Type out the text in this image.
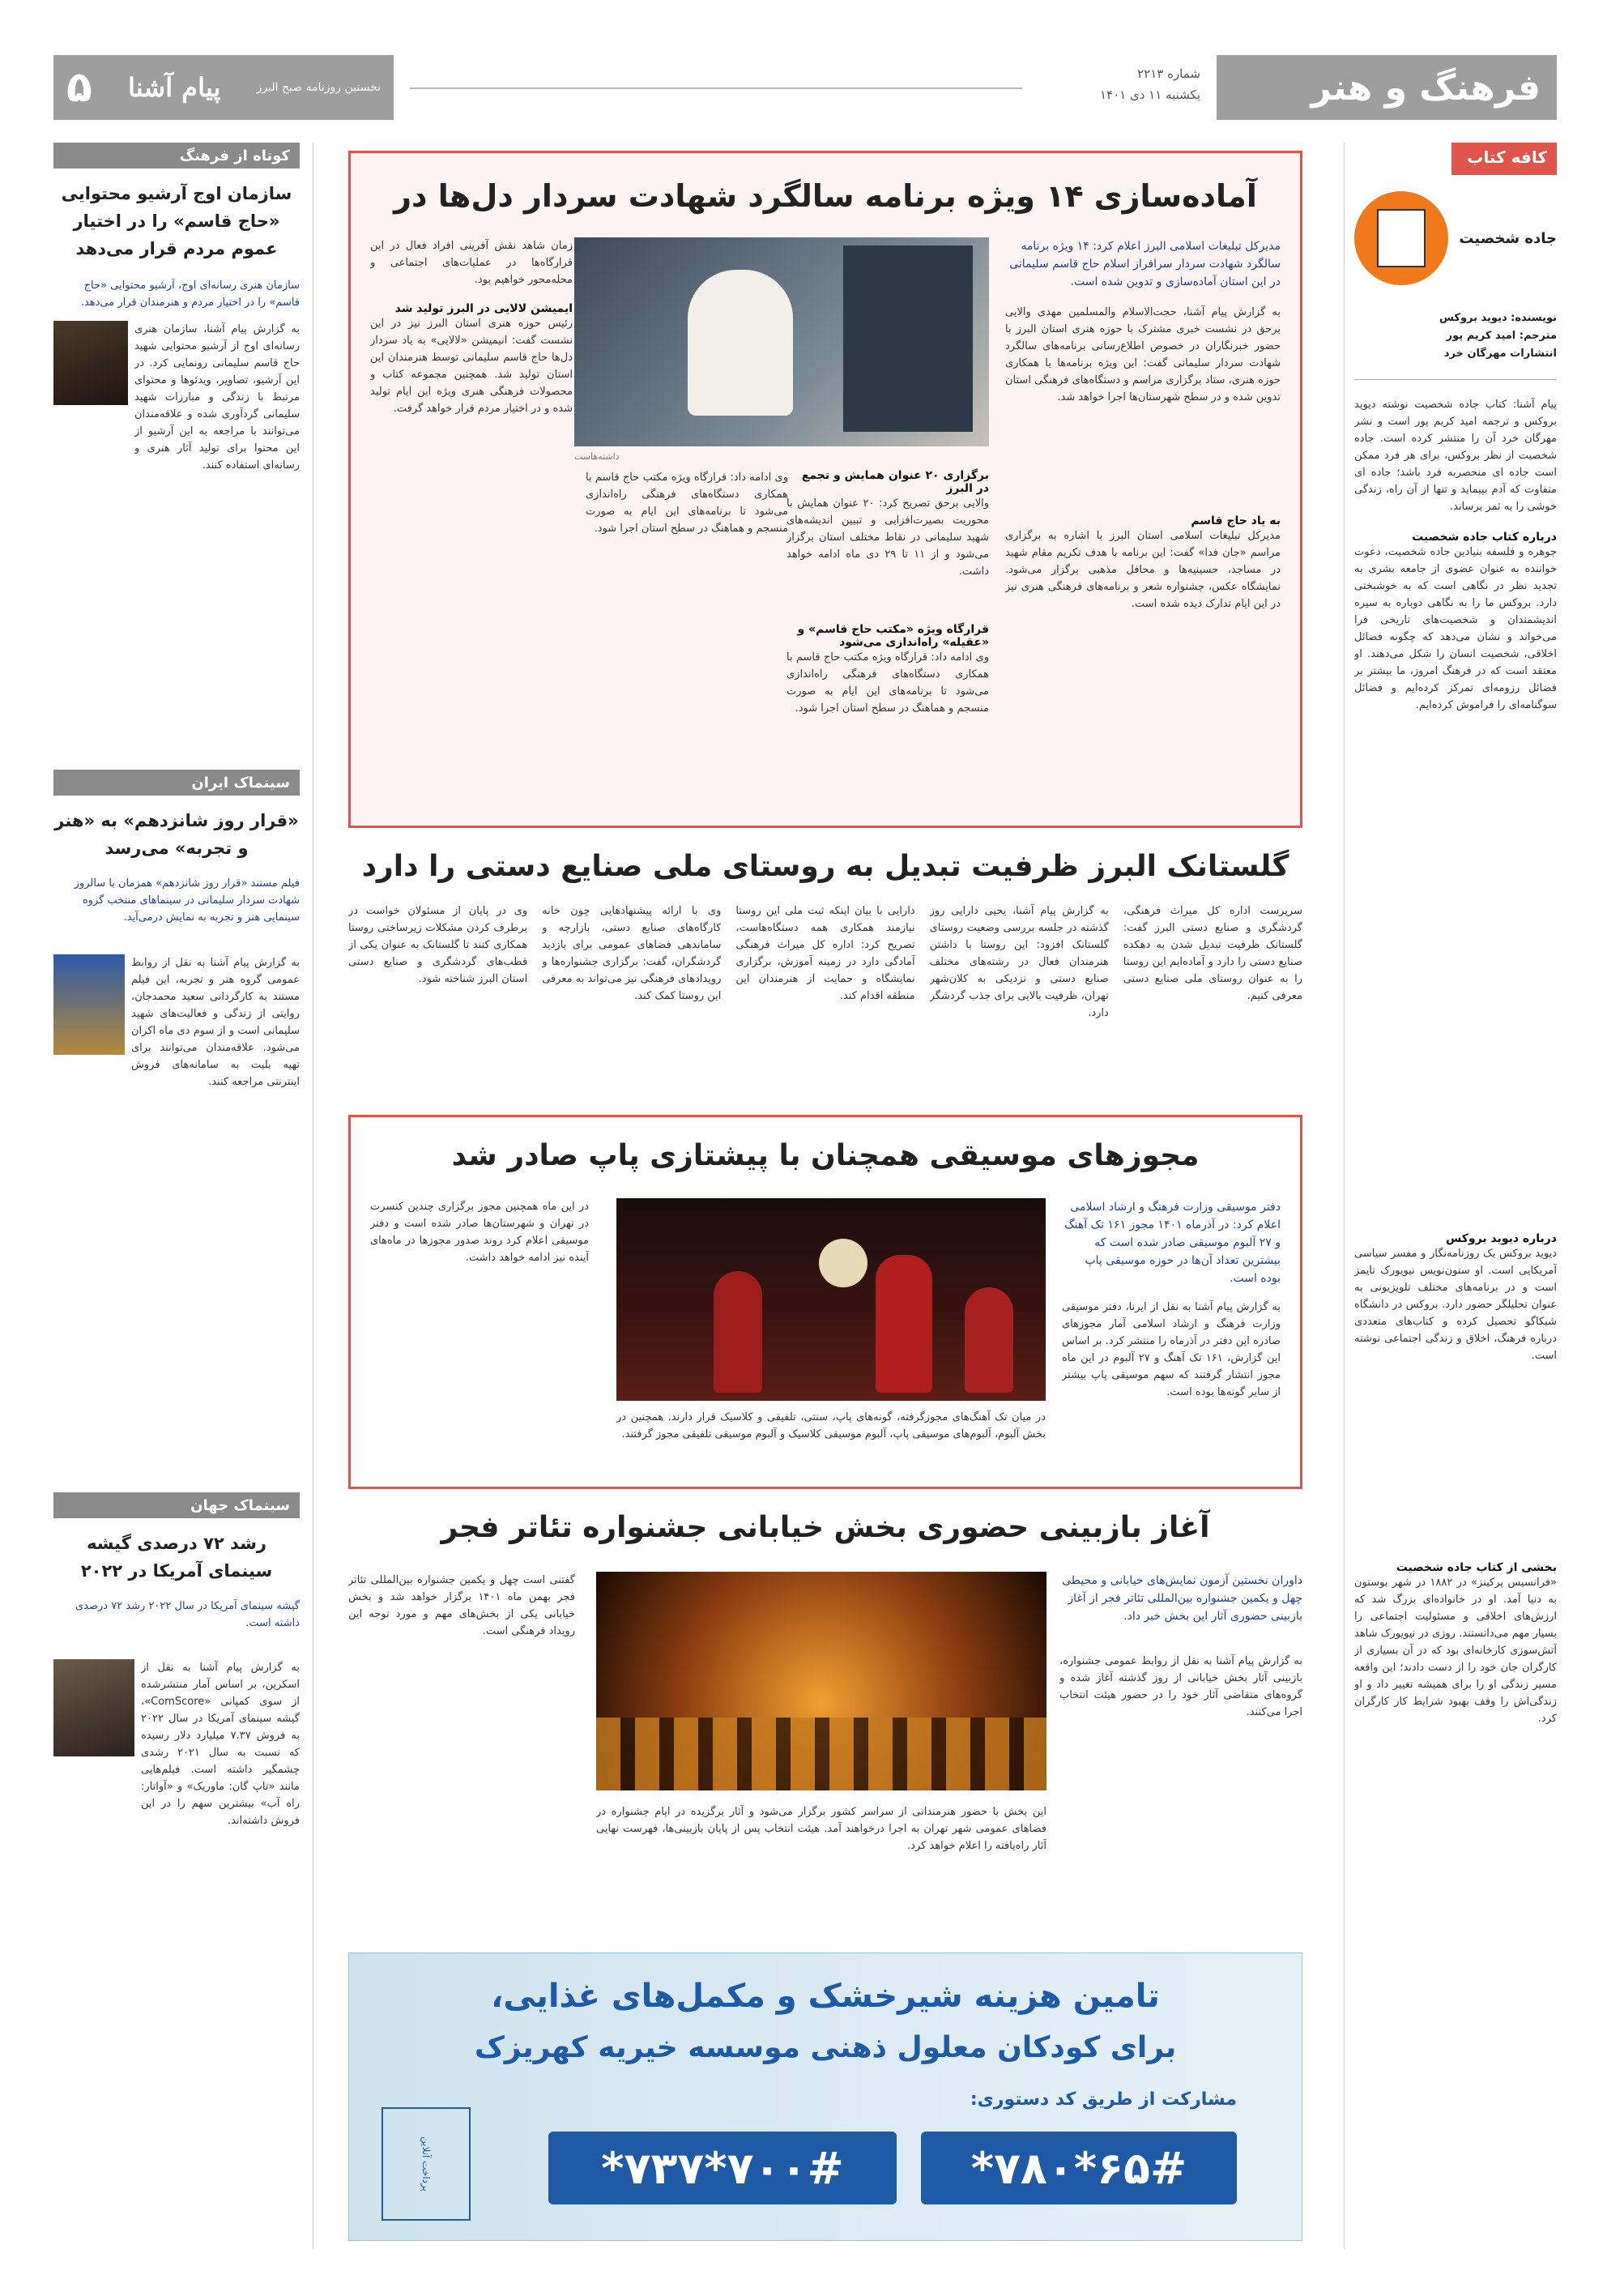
فرهنگ و هنر
شماره ۲۲۱۳
یکشنبه ۱۱ دی ۱۴۰۱
نخستین روزنامه صبح البرز
پیام آشنا
۵
کافه کتاب
جاده شخصیت
نویسنده: دیوید بروکس
مترجم: امید کریم پور
انتشارات مهرگان خرد

پیام آشنا: کتاب جاده شخصیت نوشته دیوید بروکس و ترجمه امید کریم پور است و نشر مهرگان خرد آن را منتشر کرده است. جاده شخصیت از نظر بروکس، برای هر فرد ممکن است جاده ای منحصربه فرد باشد؛ جاده ای متفاوت که آدم بپیماید و تنها از آن راه، زندگی خوشی را به ثمر برساند.

درباره کتاب جاده شخصیت

جوهره و فلسفه بنیادین جاده شخصیت، دعوت خواننده به عنوان عضوی از جامعه بشری به تجدید نظر در نگاهی است که به خوشبختی دارد. بروکس ما را به نگاهی دوباره به سیره اندیشمندان و شخصیت‌های تاریخی فرا می‌خواند و نشان می‌دهد که چگونه فضائل اخلاقی، شخصیت انسان را شکل می‌دهند. او معتقد است که در فرهنگ امروز، ما بیشتر بر فضائل رزومه‌ای تمرکز کرده‌ایم و فضائل سوگنامه‌ای را فراموش کرده‌ایم.

درباره دیوید بروکس

دیوید بروکس یک روزنامه‌نگار و مفسر سیاسی آمریکایی است. او ستون‌نویس نیویورک تایمز است و در برنامه‌های مختلف تلویزیونی به عنوان تحلیلگر حضور دارد. بروکس در دانشگاه شیکاگو تحصیل کرده و کتاب‌های متعددی درباره فرهنگ، اخلاق و زندگی اجتماعی نوشته است.

بخشی از کتاب جاده شخصیت

«فرانسیس پرکینز» در ۱۸۸۲ در شهر بوستون به دنیا آمد. او در خانواده‌ای بزرگ شد که ارزش‌های اخلاقی و مسئولیت اجتماعی را بسیار مهم می‌دانستند. روزی در نیویورک شاهد آتش‌سوزی کارخانه‌ای بود که در آن بسیاری از کارگران جان خود را از دست دادند؛ این واقعه مسیر زندگی او را برای همیشه تغییر داد و او زندگی‌اش را وقف بهبود شرایط کار کارگران کرد.

آماده‌سازی ۱۴ ویژه برنامه سالگرد شهادت سردار دل‌ها در

مدیرکل تبلیغات اسلامی البرز اعلام کرد: ۱۴ ویژه برنامه سالگرد شهادت سردار سرافراز اسلام حاج قاسم سلیمانی در این استان آماده‌سازی و تدوین شده است.

به گزارش پیام آشنا، حجت‌الاسلام والمسلمین مهدی والایی برحق در نشست خبری مشترک با حوزه هنری استان البرز با حضور خبرنگاران در خصوص اطلاع‌رسانی برنامه‌های سالگرد شهادت سردار سلیمانی گفت: این ویژه برنامه‌ها با همکاری حوزه هنری، ستاد برگزاری مراسم و دستگاه‌های فرهنگی استان تدوین شده و در سطح شهرستان‌ها اجرا خواهد شد.

داشته‌هاست
به یاد حاج قاسم

مدیرکل تبلیغات اسلامی استان البرز با اشاره به برگزاری مراسم «جان فدا» گفت: این برنامه با هدف تکریم مقام شهید در مساجد، حسینیه‌ها و محافل مذهبی برگزار می‌شود. نمایشگاه عکس، جشنواره شعر و برنامه‌های فرهنگی هنری نیز در این ایام تدارک دیده شده است.

برگزاری ۲۰ عنوان همایش و تجمع در البرز

والایی برحق تصریح کرد: ۲۰ عنوان همایش با محوریت بصیرت‌افزایی و تبیین اندیشه‌های شهید سلیمانی در نقاط مختلف استان برگزار می‌شود و از ۱۱ تا ۲۹ دی ماه ادامه خواهد داشت.

قرارگاه ویژه «مکتب حاج قاسم» و «عقیله» راه‌اندازی می‌شود

وی ادامه داد: قرارگاه ویژه مکتب حاج قاسم با همکاری دستگاه‌های فرهنگی راه‌اندازی می‌شود تا برنامه‌های این ایام به صورت منسجم و هماهنگ در سطح استان اجرا شود.

زمان شاهد نقش آفرینی افراد فعال در این قرارگاه‌ها در عملیات‌های اجتماعی و محله‌محور خواهیم بود.

ایمیشن لالایی در البرز تولید شد

رئیس حوزه هنری استان البرز نیز در این نشست گفت: انیمیشن «لالایی» به یاد سردار دل‌ها حاج قاسم سلیمانی توسط هنرمندان این استان تولید شد. همچنین مجموعه کتاب و محصولات فرهنگی هنری ویژه این ایام تولید شده و در اختیار مردم قرار خواهد گرفت.

وی ادامه داد: قرارگاه ویژه مکتب حاج قاسم با همکاری دستگاه‌های فرهنگی راه‌اندازی می‌شود تا برنامه‌های این ایام به صورت منسجم و هماهنگ در سطح استان اجرا شود.

گلستانک البرز ظرفیت تبدیل به روستای ملی صنایع دستی را دارد

سرپرست اداره کل میراث فرهنگی، گردشگری و صنایع دستی البرز گفت: گلستانک ظرفیت تبدیل شدن به دهکده صنایع دستی را دارد و آماده‌ایم این روستا را به عنوان روستای ملی صنایع دستی معرفی کنیم.

به گزارش پیام آشنا، یحیی دارایی روز گذشته در جلسه بررسی وضعیت روستای گلستانک افزود: این روستا با داشتن هنرمندان فعال در رشته‌های مختلف صنایع دستی و نزدیکی به کلان‌شهر تهران، ظرفیت بالایی برای جذب گردشگر دارد.

دارایی با بیان اینکه ثبت ملی این روستا نیازمند همکاری همه دستگاه‌هاست، تصریح کرد: اداره کل میراث فرهنگی آمادگی دارد در زمینه آموزش، برگزاری نمایشگاه و حمایت از هنرمندان این منطقه اقدام کند.

وی با ارائه پیشنهادهایی چون خانه کارگاه‌های صنایع دستی، بازارچه و ساماندهی فضاهای عمومی برای بازدید گردشگران، گفت: برگزاری جشنواره‌ها و رویدادهای فرهنگی نیز می‌تواند به معرفی این روستا کمک کند.

وی در پایان از مسئولان خواست در برطرف کردن مشکلات زیرساختی روستا همکاری کنند تا گلستانک به عنوان یکی از قطب‌های گردشگری و صنایع دستی استان البرز شناخته شود.

مجوزهای موسیقی همچنان با پیشتازی پاپ صادر شد

دفتر موسیقی وزارت فرهنگ و ارشاد اسلامی اعلام کرد: در آذرماه ۱۴۰۱ مجوز ۱۶۱ تک آهنگ و ۲۷ آلبوم موسیقی صادر شده است که بیشترین تعداد آن‌ها در حوزه موسیقی پاپ بوده است.

به گزارش پیام آشنا به نقل از ایرنا، دفتر موسیقی وزارت فرهنگ و ارشاد اسلامی آمار مجوزهای صادره این دفتر در آذرماه را منتشر کرد. بر اساس این گزارش، ۱۶۱ تک آهنگ و ۲۷ آلبوم در این ماه مجوز انتشار گرفتند که سهم موسیقی پاپ بیشتر از سایر گونه‌ها بوده است.

در میان تک آهنگ‌های مجوزگرفته، گونه‌های پاپ، سنتی، تلفیقی و کلاسیک قرار دارند. همچنین در بخش آلبوم، آلبوم‌های موسیقی پاپ، آلبوم موسیقی کلاسیک و آلبوم موسیقی تلفیقی مجوز گرفتند.

در این ماه همچنین مجوز برگزاری چندین کنسرت در تهران و شهرستان‌ها صادر شده است و دفتر موسیقی اعلام کرد روند صدور مجوزها در ماه‌های آینده نیز ادامه خواهد داشت.

آغاز بازبینی حضوری بخش خیابانی جشنواره تئاتر فجر

داوران نخستین آزمون نمایش‌های خیابانی و محیطی چهل و یکمین جشنواره بین‌المللی تئاتر فجر از آغاز بازبینی حضوری آثار این بخش خبر داد.

به گزارش پیام آشنا به نقل از روابط عمومی جشنواره، بازبینی آثار بخش خیابانی از روز گذشته آغاز شده و گروه‌های متقاضی آثار خود را در حضور هیئت انتخاب اجرا می‌کنند.

این بخش با حضور هنرمندانی از سراسر کشور برگزار می‌شود و آثار برگزیده در ایام جشنواره در فضاهای عمومی شهر تهران به اجرا درخواهند آمد. هیئت انتخاب پس از پایان بازبینی‌ها، فهرست نهایی آثار راه‌یافته را اعلام خواهد کرد.

گفتنی است چهل و یکمین جشنواره بین‌المللی تئاتر فجر بهمن ماه ۱۴۰۱ برگزار خواهد شد و بخش خیابانی یکی از بخش‌های مهم و مورد توجه این رویداد فرهنگی است.

تامین هزینه شیرخشک و مکمل‌های غذایی،
برای کودکان معلول ذهنی موسسه خیریه کهریزک
مشارکت از طریق کد دستوری:
*۷۸۰*۶۵#
*۷۳۷*۷۰۰#
پرداخت آنلاین
کوتاه از فرهنگ
سازمان اوج آرشیو محتوایی «حاج قاسم» را در اختیار عموم مردم قرار می‌دهد

سازمان هنری رسانه‌ای اوج، آرشیو محتوایی «حاج قاسم» را در اختیار مردم و هنرمندان قرار می‌دهد.

به گزارش پیام آشنا، سازمان هنری رسانه‌ای اوج از آرشیو محتوایی شهید حاج قاسم سلیمانی رونمایی کرد. در این آرشیو، تصاویر، ویدئوها و محتوای مرتبط با زندگی و مبارزات شهید سلیمانی گردآوری شده و علاقه‌مندان می‌توانند با مراجعه به این آرشیو از این محتوا برای تولید آثار هنری و رسانه‌ای استفاده کنند.

سینماک ایران
«قرار روز شانزدهم» به «هنر و تجربه» می‌رسد

فیلم مستند «قرار روز شانزدهم» همزمان با سالروز شهادت سردار سلیمانی در سینماهای منتخب گروه سینمایی هنر و تجربه به نمایش درمی‌آید.

به گزارش پیام آشنا به نقل از روابط عمومی گروه هنر و تجربه، این فیلم مستند به کارگردانی سعید محمدجان، روایتی از زندگی و فعالیت‌های شهید سلیمانی است و از سوم دی ماه اکران می‌شود. علاقه‌مندان می‌توانند برای تهیه بلیت به سامانه‌های فروش اینترنتی مراجعه کنند.

سینماک جهان
رشد ۷۲ درصدی گیشه سینمای آمریکا در ۲۰۲۲

گیشه سینمای آمریکا در سال ۲۰۲۲ رشد ۷۲ درصدی داشته است.

به گزارش پیام آشنا به نقل از اسکرین، بر اساس آمار منتشرشده از سوی کمپانی «ComScore»، گیشه سینمای آمریکا در سال ۲۰۲۲ به فروش ۷.۳۷ میلیارد دلار رسیده که نسبت به سال ۲۰۲۱ رشدی چشمگیر داشته است. فیلم‌هایی مانند «تاپ گان: ماوریک» و «آواتار: راه آب» بیشترین سهم را در این فروش داشته‌اند.
